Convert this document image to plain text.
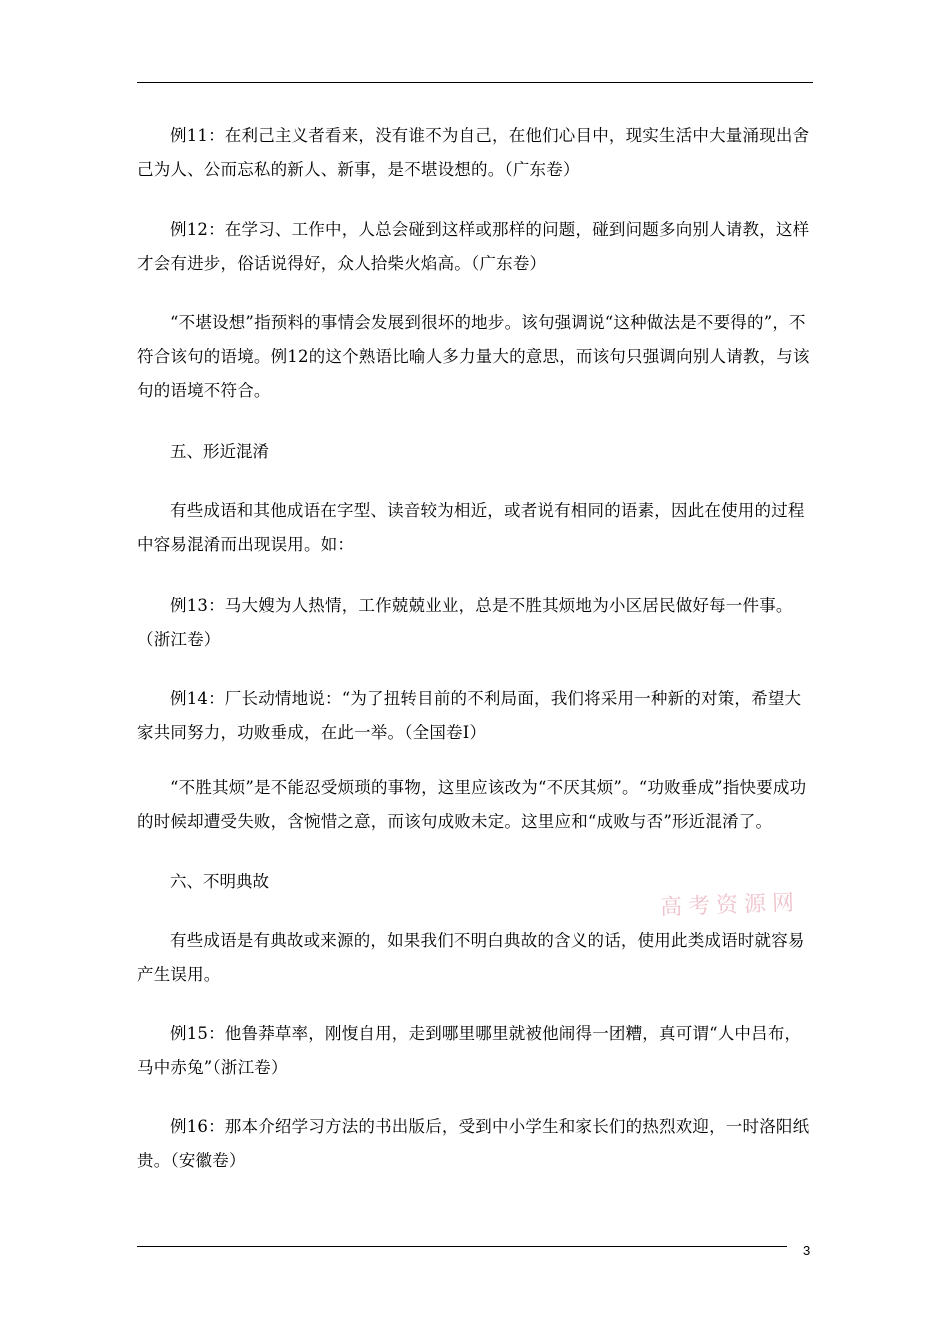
例11：在利己主义者看来，没有谁不为自己，在他们心目中，现实生活中大量涌现出舍己为人、公而忘私的新人、新事，是不堪设想的。（广东卷）

例12：在学习、工作中，人总会碰到这样或那样的问题，碰到问题多向别人请教，这样才会有进步，俗话说得好，众人拾柴火焰高。（广东卷）

“不堪设想”指预料的事情会发展到很坏的地步。该句强调说“这种做法是不要得的”，不符合该句的语境。例12的这个熟语比喻人多力量大的意思，而该句只强调向别人请教，与该句的语境不符合。

五、形近混淆

有些成语和其他成语在字型、读音较为相近，或者说有相同的语素，因此在使用的过程中容易混淆而出现误用。如：

例13：马大嫂为人热情，工作兢兢业业，总是不胜其烦地为小区居民做好每一件事。（浙江卷）

例14：厂长动情地说：“为了扭转目前的不利局面，我们将采用一种新的对策，希望大家共同努力，功败垂成，在此一举。（全国卷Ⅰ）

“不胜其烦”是不能忍受烦琐的事物，这里应该改为“不厌其烦”。“功败垂成”指快要成功的时候却遭受失败，含惋惜之意，而该句成败未定。这里应和“成败与否”形近混淆了。

六、不明典故

有些成语是有典故或来源的，如果我们不明白典故的含义的话，使用此类成语时就容易产生误用。

例15：他鲁莽草率，刚愎自用，走到哪里哪里就被他闹得一团糟，真可谓“人中吕布，马中赤兔”（浙江卷）

例16：那本介绍学习方法的书出版后，受到中小学生和家长们的热烈欢迎，一时洛阳纸贵。（安徽卷）

高考资源网
3
